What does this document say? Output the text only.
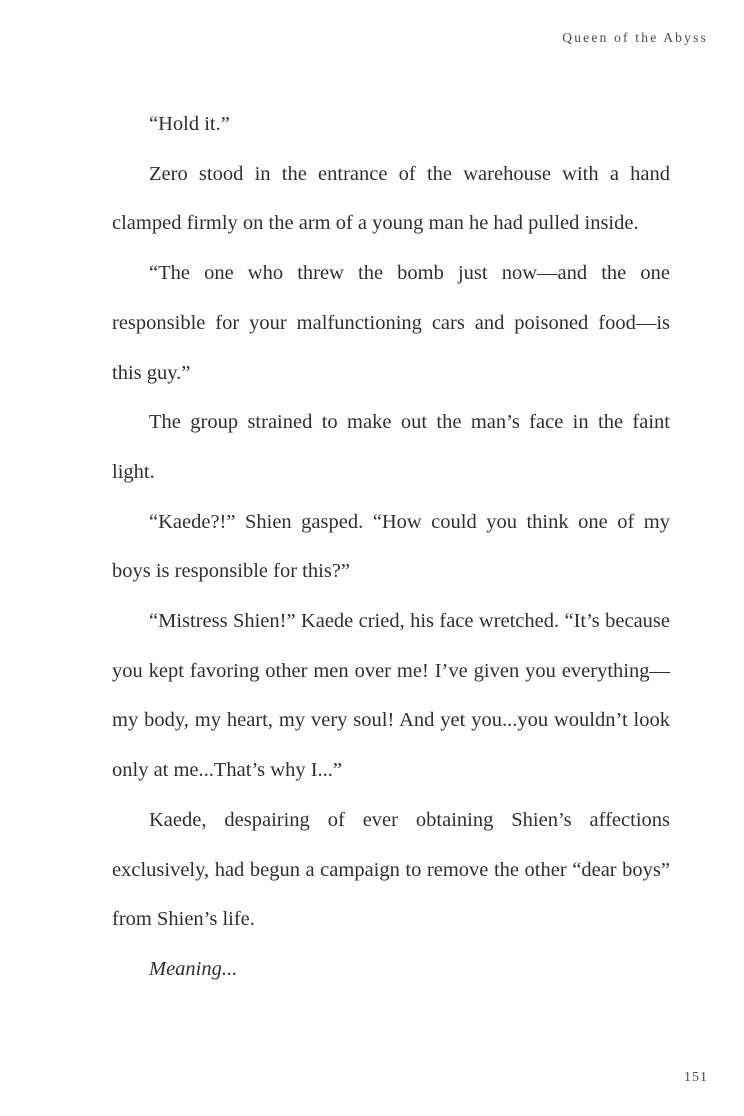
Queen of the Abyss

“Hold it.”

Zero stood in the entrance of the warehouse with a hand clamped firmly on the arm of a young man he had pulled inside.

“The one who threw the bomb just now—and the one responsible for your malfunctioning cars and poisoned food—is this guy.”

The group strained to make out the man’s face in the faint light.

“Kaede?!” Shien gasped. “How could you think one of my boys is responsible for this?”

“Mistress Shien!” Kaede cried, his face wretched. “It’s because you kept favoring other men over me! I’ve given you everything—my body, my heart, my very soul! And yet you...you wouldn’t look only at me...That’s why I...”

Kaede, despairing of ever obtaining Shien’s affections exclusively, had begun a campaign to remove the other “dear boys” from Shien’s life.

Meaning...

151
